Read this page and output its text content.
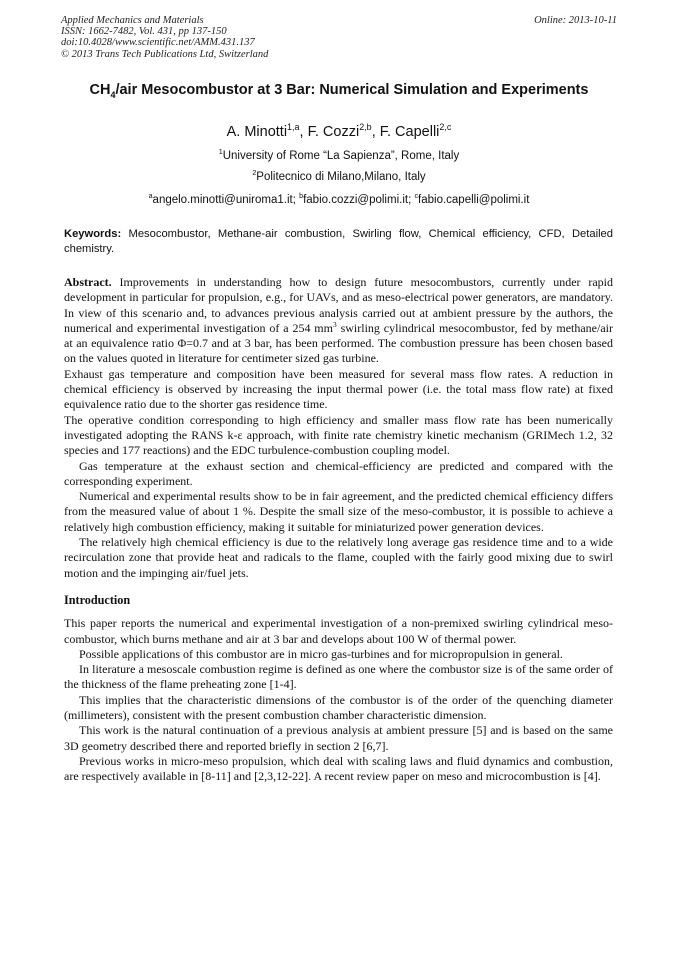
Applied Mechanics and Materials
ISSN: 1662-7482, Vol. 431, pp 137-150
doi:10.4028/www.scientific.net/AMM.431.137
© 2013 Trans Tech Publications Ltd, Switzerland
Online: 2013-10-11
$CH_4$/air Mesocombustor at 3 Bar: Numerical Simulation and Experiments
A. Minotti$^{1,a}$, F. Cozzi$^{2,b}$, F. Capelli$^{2,c}$
$^1$University of Rome “La Sapienza”, Rome, Italy
$^2$Politecnico di Milano,Milano, Italy
$^a$angelo.minotti@uniroma1.it; $^b$fabio.cozzi@polimi.it; $^c$fabio.capelli@polimi.it
Keywords: Mesocombustor, Methane-air combustion, Swirling flow, Chemical efficiency, CFD, Detailed chemistry.

Abstract. Improvements in understanding how to design future mesocombustors, currently under rapid development in particular for propulsion, e.g., for UAVs, and as meso-electrical power generators, are mandatory. In view of this scenario and, to advances previous analysis carried out at ambient pressure by the authors, the numerical and experimental investigation of a 254 $mm^3$ swirling cylindrical mesocombustor, fed by methane/air at an equivalence ratio Φ=0.7 and at 3 bar, has been performed. The combustion pressure has been chosen based on the values quoted in literature for centimeter sized gas turbine.

Exhaust gas temperature and composition have been measured for several mass flow rates. A reduction in chemical efficiency is observed by increasing the input thermal power (i.e. the total mass flow rate) at fixed equivalence ratio due to the shorter gas residence time.

The operative condition corresponding to high efficiency and smaller mass flow rate has been numerically investigated adopting the RANS k-ε approach, with finite rate chemistry kinetic mechanism (GRIMech 1.2, 32 species and 177 reactions) and the EDC turbulence-combustion coupling model.

Gas temperature at the exhaust section and chemical-efficiency are predicted and compared with the corresponding experiment.

Numerical and experimental results show to be in fair agreement, and the predicted chemical efficiency differs from the measured value of about 1 %. Despite the small size of the meso-combustor, it is possible to achieve a relatively high combustion efficiency, making it suitable for miniaturized power generation devices.

The relatively high chemical efficiency is due to the relatively long average gas residence time and to a wide recirculation zone that provide heat and radicals to the flame, coupled with the fairly good mixing due to swirl motion and the impinging air/fuel jets.

Introduction

This paper reports the numerical and experimental investigation of a non-premixed swirling cylindrical meso-combustor, which burns methane and air at 3 bar and develops about 100 W of thermal power.

Possible applications of this combustor are in micro gas-turbines and for micropropulsion in general.

In literature a mesoscale combustion regime is defined as one where the combustor size is of the same order of the thickness of the flame preheating zone [1-4].

This implies that the characteristic dimensions of the combustor is of the order of the quenching diameter (millimeters), consistent with the present combustion chamber characteristic dimension.

This work is the natural continuation of a previous analysis at ambient pressure [5] and is based on the same 3D geometry described there and reported briefly in section 2 [6,7].

Previous works in micro-meso propulsion, which deal with scaling laws and fluid dynamics and combustion, are respectively available in [8-11] and [2,3,12-22]. A recent review paper on meso and microcombustion is [4].
